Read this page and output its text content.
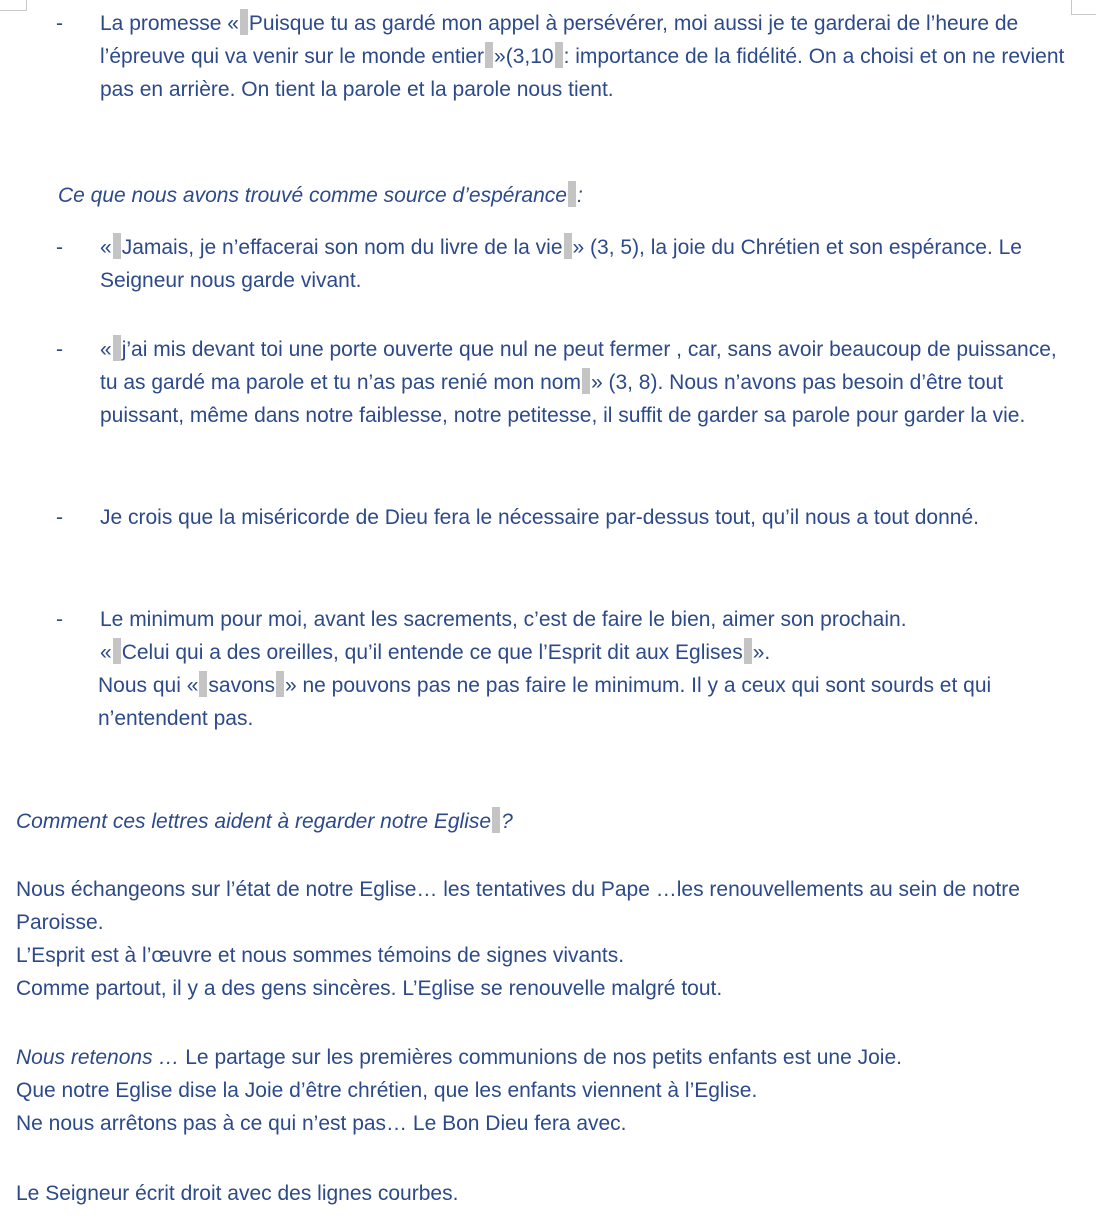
- La promesse « Puisque tu as gardé mon appel à persévérer, moi aussi je te garderai de l’heure de l’épreuve qui va venir sur le monde entier »(3,10 : importance de la fidélité. On a choisi et on ne revient pas en arrière. On tient la parole et la parole nous tient.
Ce que nous avons trouvé comme source d’espérance :
- « Jamais, je n’effacerai son nom du livre de la vie » (3, 5), la joie du Chrétien et son espérance. Le Seigneur nous garde vivant.
- « j’ai mis devant toi une porte ouverte que nul ne peut fermer , car, sans avoir beaucoup de puissance, tu as gardé ma parole et tu n’as pas renié mon nom » (3, 8). Nous n’avons pas besoin d’être tout puissant, même dans notre faiblesse, notre petitesse, il suffit de garder sa parole pour garder la vie.
- Je crois que la miséricorde de Dieu fera le nécessaire par-dessus tout, qu’il nous a tout donné.
- Le minimum pour moi, avant les sacrements, c’est de faire le bien, aimer son prochain.

« Celui qui a des oreilles, qu’il entende ce que l’Esprit dit aux Eglises ».

Nous qui « savons » ne pouvons pas ne pas faire le minimum. Il y a ceux qui sont sourds et qui n’entendent pas.

Comment ces lettres aident à regarder notre Eglise ?

Nous échangeons sur l’état de notre Eglise… les tentatives du Pape …les renouvellements au sein de notre Paroisse.

L’Esprit est à l’œuvre et nous sommes témoins de signes vivants.

Comme partout, il y a des gens sincères. L’Eglise se renouvelle malgré tout.

Nous retenons … Le partage sur les premières communions de nos petits enfants est une Joie.

Que notre Eglise dise la Joie d’être chrétien, que les enfants viennent à l’Eglise.

Ne nous arrêtons pas à ce qui n’est pas… Le Bon Dieu fera avec.

Le Seigneur écrit droit avec des lignes courbes.
